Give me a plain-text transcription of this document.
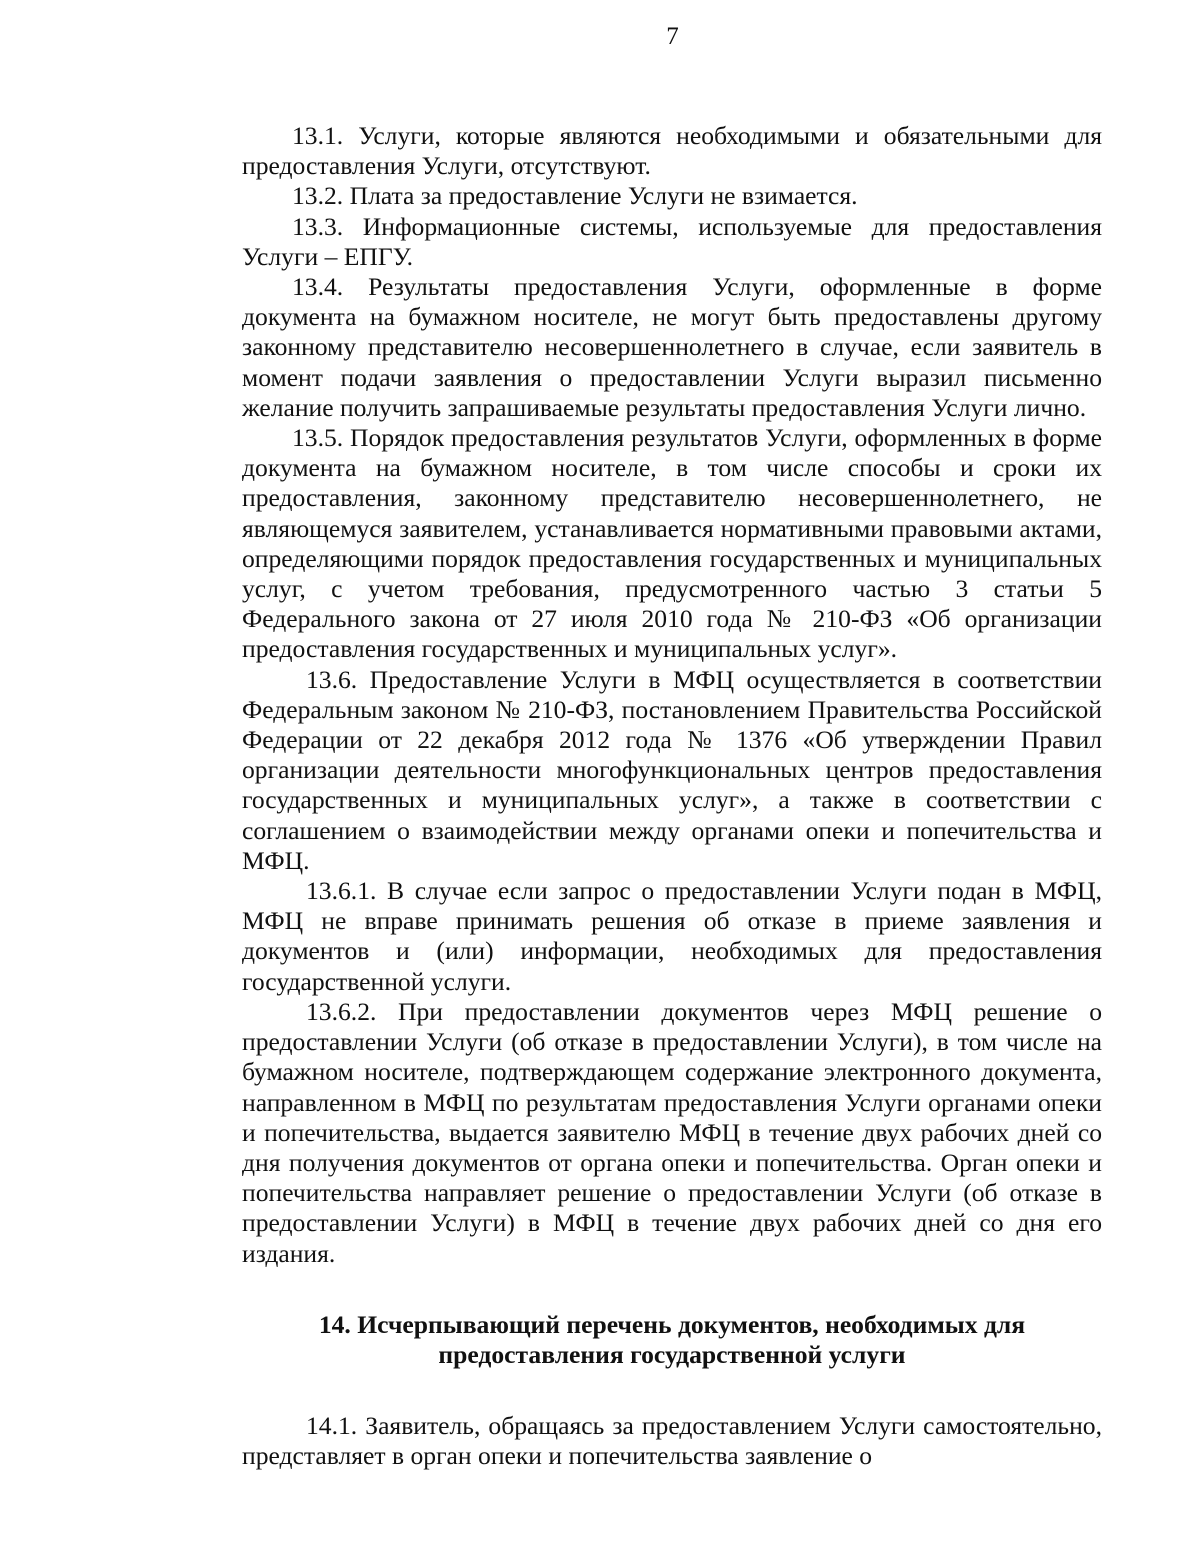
7

13.1. Услуги, которые являются необходимыми и обязательными для предоставления Услуги, отсутствуют.

13.2. Плата за предоставление Услуги не взимается.

13.3. Информационные системы, используемые для предоставления Услуги – ЕПГУ.

13.4. Результаты предоставления Услуги, оформленные в форме документа на бумажном носителе, не могут быть предоставлены другому законному представителю несовершеннолетнего в случае, если заявитель в момент подачи заявления о предоставлении Услуги выразил письменно желание получить запрашиваемые результаты предоставления Услуги лично.

13.5. Порядок предоставления результатов Услуги, оформленных в форме документа на бумажном носителе, в том числе способы и сроки их предоставления, законному представителю несовершеннолетнего, не являющемуся заявителем, устанавливается нормативными правовыми актами, определяющими порядок предоставления государственных и муниципальных услуг, с учетом требования, предусмотренного частью 3 статьи 5 Федерального закона от 27 июля 2010 года № 210-ФЗ «Об организации предоставления государственных и муниципальных услуг».

13.6. Предоставление Услуги в МФЦ осуществляется в соответствии Федеральным законом № 210-ФЗ, постановлением Правительства Российской Федерации от 22 декабря 2012 года № 1376 «Об утверждении Правил организации деятельности многофункциональных центров предоставления государственных и муниципальных услуг», а также в соответствии с соглашением о взаимодействии между органами опеки и попечительства и МФЦ.

13.6.1. В случае если запрос о предоставлении Услуги подан в МФЦ, МФЦ не вправе принимать решения об отказе в приеме заявления и документов и (или) информации, необходимых для предоставления государственной услуги.

13.6.2. При предоставлении документов через МФЦ решение о предоставлении Услуги (об отказе в предоставлении Услуги), в том числе на бумажном носителе, подтверждающем содержание электронного документа, направленном в МФЦ по результатам предоставления Услуги органами опеки и попечительства, выдается заявителю МФЦ в течение двух рабочих дней со дня получения документов от органа опеки и попечительства. Орган опеки и попечительства направляет решение о предоставлении Услуги (об отказе в предоставлении Услуги) в МФЦ в течение двух рабочих дней со дня его издания.

14. Исчерпывающий перечень документов, необходимых для
предоставления государственной услуги

14.1. Заявитель, обращаясь за предоставлением Услуги самостоятельно, представляет в орган опеки и попечительства заявление о
